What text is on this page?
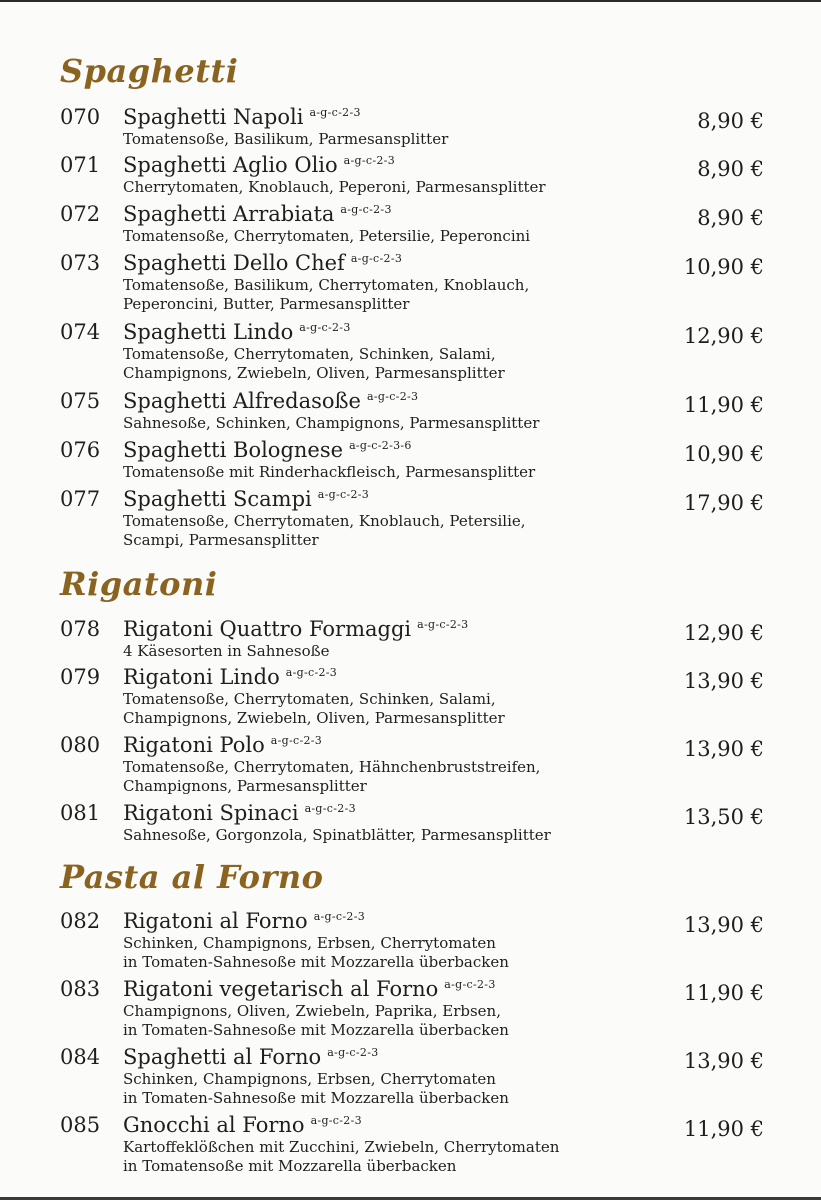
Spaghetti
070 Spaghetti Napoli $^{a-g-c-2-3}$
Tomatensoße, Basilikum, Parmesansplitter
8,90 €
071 Spaghetti Aglio Olio $^{a-g-c-2-3}$
Cherrytomaten, Knoblauch, Peperoni, Parmesansplitter
8,90 €
072 Spaghetti Arrabiata $^{a-g-c-2-3}$
Tomatensoße, Cherrytomaten, Petersilie, Peperoncini
8,90 €
073 Spaghetti Dello Chef $^{a-g-c-2-3}$
Tomatensoße, Basilikum, Cherrytomaten, Knoblauch,
Peperoncini, Butter, Parmesansplitter
10,90 €
074 Spaghetti Lindo $^{a-g-c-2-3}$
Tomatensoße, Cherrytomaten, Schinken, Salami,
Champignons, Zwiebeln, Oliven, Parmesansplitter
12,90 €
075 Spaghetti Alfredasoße $^{a-g-c-2-3}$
Sahnesoße, Schinken, Champignons, Parmesansplitter
11,90 €
076 Spaghetti Bolognese $^{a-g-c-2-3-6}$
Tomatensoße mit Rinderhackfleisch, Parmesansplitter
10,90 €
077 Spaghetti Scampi $^{a-g-c-2-3}$
Tomatensoße, Cherrytomaten, Knoblauch, Petersilie,
Scampi, Parmesansplitter
17,90 €
Rigatoni
078 Rigatoni Quattro Formaggi $^{a-g-c-2-3}$
4 Käsesorten in Sahnesoße
12,90 €
079 Rigatoni Lindo $^{a-g-c-2-3}$
Tomatensoße, Cherrytomaten, Schinken, Salami,
Champignons, Zwiebeln, Oliven, Parmesansplitter
13,90 €
080 Rigatoni Polo $^{a-g-c-2-3}$
Tomatensoße, Cherrytomaten, Hähnchenbruststreifen,
Champignons, Parmesansplitter
13,90 €
081 Rigatoni Spinaci $^{a-g-c-2-3}$
Sahnesoße, Gorgonzola, Spinatblätter, Parmesansplitter
13,50 €
Pasta al Forno
082 Rigatoni al Forno $^{a-g-c-2-3}$
Schinken, Champignons, Erbsen, Cherrytomaten
in Tomaten-Sahnesoße mit Mozzarella überbacken
13,90 €
083 Rigatoni vegetarisch al Forno $^{a-g-c-2-3}$
Champignons, Oliven, Zwiebeln, Paprika, Erbsen,
in Tomaten-Sahnesoße mit Mozzarella überbacken
11,90 €
084 Spaghetti al Forno $^{a-g-c-2-3}$
Schinken, Champignons, Erbsen, Cherrytomaten
in Tomaten-Sahnesoße mit Mozzarella überbacken
13,90 €
085 Gnocchi al Forno $^{a-g-c-2-3}$
Kartoffeklößchen mit Zucchini, Zwiebeln, Cherrytomaten
in Tomatensoße mit Mozzarella überbacken
11,90 €
